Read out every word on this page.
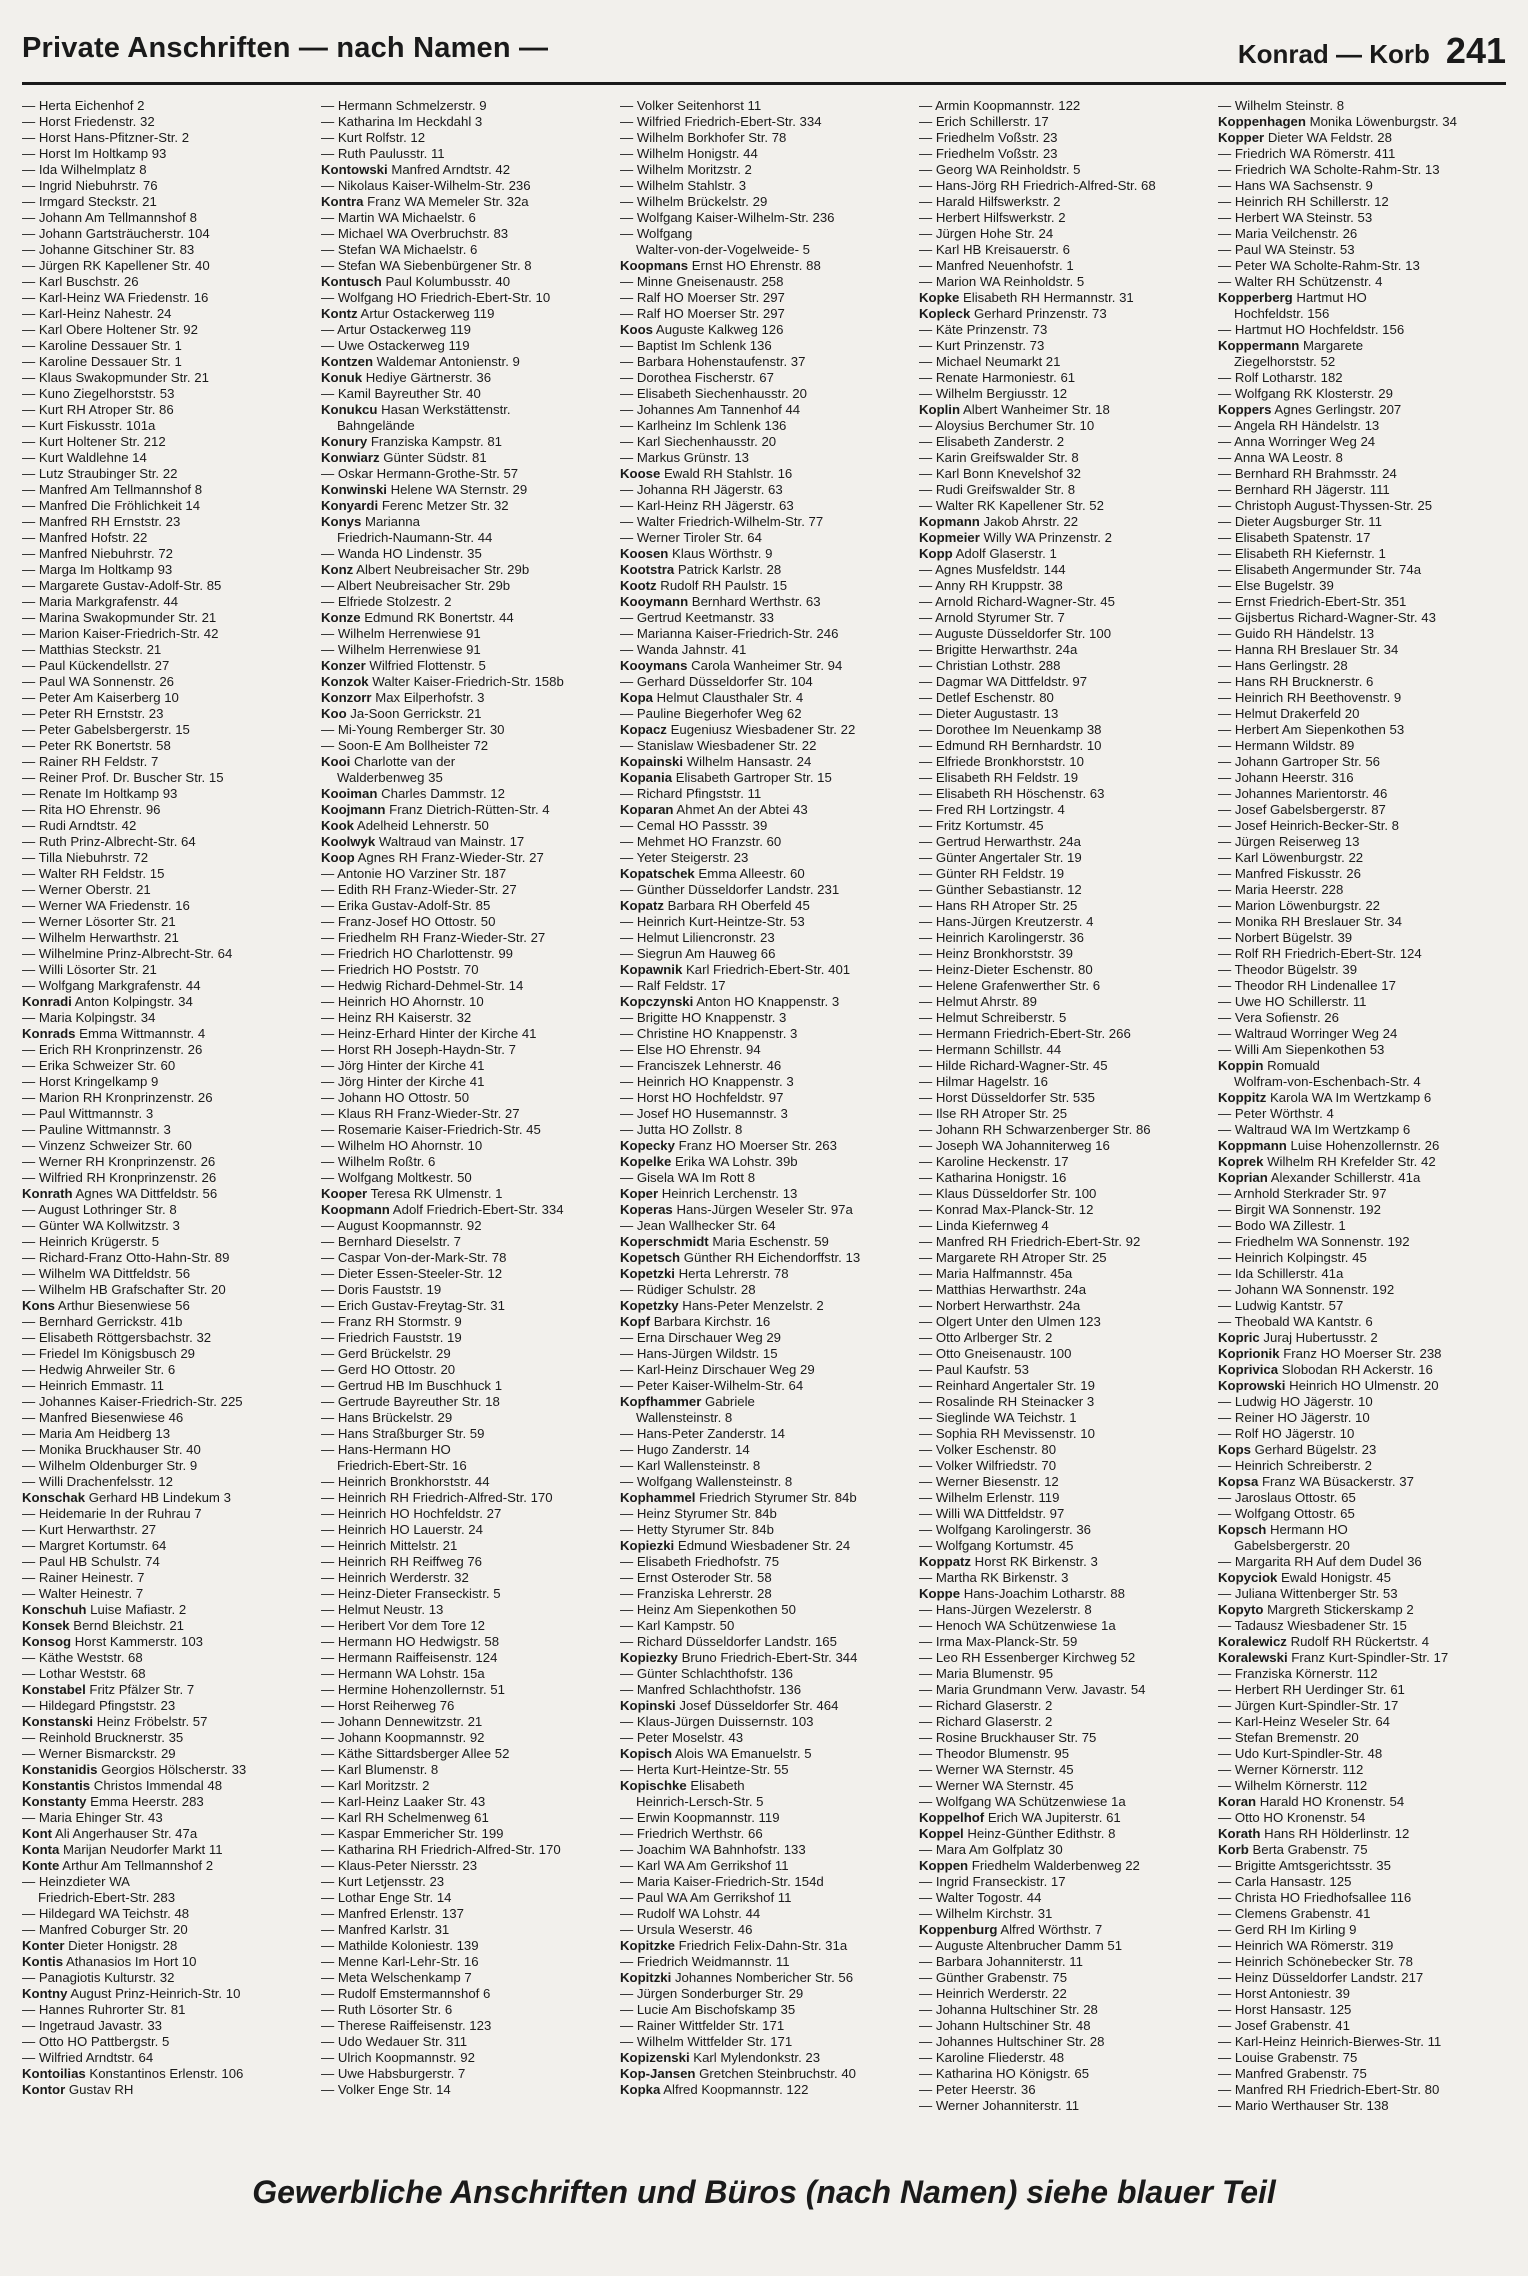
Private Anschriften — nach Namen —	Konrad — Korb 241
— Herta Eichenhof 2
— Horst Friedenstr. 32
— Horst Hans-Pfitzner-Str. 2
— Horst Im Holtkamp 93
— Ida Wilhelmplatz 8
— Ingrid Niebuhrstr. 76
— Irmgard Steckstr. 21
— Johann Am Tellmannshof 8
— Johann Gartsträucherstr. 104
— Johanne Gitschiner Str. 83
— Jürgen RK Kapellener Str. 40
— Karl Buschstr. 26
— Karl-Heinz WA Friedenstr. 16
— Karl-Heinz Nahestr. 24
— Karl Obere Holtener Str. 92
— Karoline Dessauer Str. 1
— Karoline Dessauer Str. 1
— Klaus Swakopmunder Str. 21
— Kuno Ziegelhorststr. 53
— Kurt RH Atroper Str. 86
— Kurt Fiskusstr. 101a
— Kurt Holtener Str. 212
— Kurt Waldlehne 14
— Lutz Straubinger Str. 22
— Manfred Am Tellmannshof 8
— Manfred Die Fröhlichkeit 14
— Manfred RH Ernststr. 23
— Manfred Hofstr. 22
— Manfred Niebuhrstr. 72
— Marga Im Holtkamp 93
— Margarete Gustav-Adolf-Str. 85
— Maria Markgrafenstr. 44
— Marina Swakopmunder Str. 21
— Marion Kaiser-Friedrich-Str. 42
— Matthias Steckstr. 21
— Paul Kückendellstr. 27
— Paul WA Sonnenstr. 26
— Peter Am Kaiserberg 10
— Peter RH Ernststr. 23
— Peter Gabelsbergerstr. 15
— Peter RK Bonertstr. 58
— Rainer RH Feldstr. 7
— Reiner Prof. Dr. Buscher Str. 15
— Renate Im Holtkamp 93
— Rita HO Ehrenstr. 96
— Rudi Arndtstr. 42
— Ruth Prinz-Albrecht-Str. 64
— Tilla Niebuhrstr. 72
— Walter RH Feldstr. 15
— Werner Oberstr. 21
— Werner WA Friedenstr. 16
— Werner Lösorter Str. 21
— Wilhelm Herwarthstr. 21
— Wilhelmine Prinz-Albrecht-Str. 64
— Willi Lösorter Str. 21
— Wolfgang Markgrafenstr. 44
Konradi Anton Kolpingstr. 34
— Maria Kolpingstr. 34
Konrads Emma Wittmannstr. 4
— Erich RH Kronprinzenstr. 26
— Erika Schweizer Str. 60
— Horst Kringelkamp 9
— Marion RH Kronprinzenstr. 26
— Paul Wittmannstr. 3
— Pauline Wittmannstr. 3
— Vinzenz Schweizer Str. 60
— Werner RH Kronprinzenstr. 26
— Wilfried RH Kronprinzenstr. 26
Konrath Agnes WA Dittfeldstr. 56
— August Lothringer Str. 8
— Günter WA Kollwitzstr. 3
— Heinrich Krügerstr. 5
— Richard-Franz Otto-Hahn-Str. 89
— Wilhelm WA Dittfeldstr. 56
— Wilhelm HB Grafschafter Str. 20
Kons Arthur Biesenwiese 56
— Bernhard Gerrickstr. 41b
— Elisabeth Röttgersbachstr. 32
— Friedel Im Königsbusch 29
— Hedwig Ahrweiler Str. 6
— Heinrich Emmastr. 11
— Johannes Kaiser-Friedrich-Str. 225
— Manfred Biesenwiese 46
— Maria Am Heidberg 13
— Monika Bruckhauser Str. 40
— Wilhelm Oldenburger Str. 9
— Willi Drachenfelsstr. 12
Konschak Gerhard HB Lindekum 3
— Heidemarie In der Ruhrau 7
— Kurt Herwarthstr. 27
— Margret Kortumstr. 64
— Paul HB Schulstr. 74
— Rainer Heinestr. 7
— Walter Heinestr. 7
Konschuh Luise Mafiastr. 2
Konsek Bernd Bleichstr. 21
Konsog Horst Kammerstr. 103
— Käthe Weststr. 68
— Lothar Weststr. 68
Konstabel Fritz Pfälzer Str. 7
— Hildegard Pfingststr. 23
Konstanski Heinz Fröbelstr. 57
— Reinhold Brucknerstr. 35
— Werner Bismarckstr. 29
Konstanidis Georgios Hölscherstr. 33
Konstantis Christos Immendal 48
Konstanty Emma Heerstr. 283
— Maria Ehinger Str. 43
Kont Ali Angerhauser Str. 47a
Konta Marijan Neudorfer Markt 11
Konte Arthur Am Tellmannshof 2
— Heinzdieter WA
Friedrich-Ebert-Str. 283
— Hildegard WA Teichstr. 48
— Manfred Coburger Str. 20
Konter Dieter Honigstr. 28
Kontis Athanasios Im Hort 10
— Panagiotis Kulturstr. 32
Kontny August Prinz-Heinrich-Str. 10
— Hannes Ruhrorter Str. 81
— Ingetraud Javastr. 33
— Otto HO Pattbergstr. 5
— Wilfried Arndtstr. 64
Kontoilias Konstantinos Erlenstr. 106
Kontor Gustav RH
— Hermann Schmelzerstr. 9
— Katharina Im Heckdahl 3
— Kurt Rolfstr. 12
— Ruth Paulusstr. 11
Kontowski Manfred Arndtstr. 42
— Nikolaus Kaiser-Wilhelm-Str. 236
Kontra Franz WA Memeler Str. 32a
— Martin WA Michaelstr. 6
— Michael WA Overbruchstr. 83
— Stefan WA Michaelstr. 6
— Stefan WA Siebenbürgener Str. 8
Kontusch Paul Kolumbusstr. 40
— Wolfgang HO Friedrich-Ebert-Str. 10
Kontz Artur Ostackerweg 119
— Artur Ostackerweg 119
— Uwe Ostackerweg 119
Kontzen Waldemar Antonienstr. 9
Konuk Hediye Gärtnerstr. 36
— Kamil Bayreuther Str. 40
Konukcu Hasan Werkstättenstr.
Bahngelände
Konury Franziska Kampstr. 81
Konwiarz Günter Südstr. 81
— Oskar Hermann-Grothe-Str. 57
Konwinski Helene WA Sternstr. 29
Konyardi Ferenc Metzer Str. 32
Konys Marianna
Friedrich-Naumann-Str. 44
— Wanda HO Lindenstr. 35
Konz Albert Neubreisacher Str. 29b
— Albert Neubreisacher Str. 29b
— Elfriede Stolzestr. 2
Konze Edmund RK Bonertstr. 44
— Wilhelm Herrenwiese 91
— Wilhelm Herrenwiese 91
Konzer Wilfried Flottenstr. 5
Konzok Walter Kaiser-Friedrich-Str. 158b
Konzorr Max Eilperhofstr. 3
Koo Ja-Soon Gerrickstr. 21
— Mi-Young Remberger Str. 30
— Soon-E Am Bollheister 72
Kooi Charlotte van der
Walderbenweg 35
Kooiman Charles Dammstr. 12
Koojmann Franz Dietrich-Rütten-Str. 4
Kook Adelheid Lehnerstr. 50
Koolwyk Waltraud van Mainstr. 17
Koop Agnes RH Franz-Wieder-Str. 27
— Antonie HO Varziner Str. 187
— Edith RH Franz-Wieder-Str. 27
— Erika Gustav-Adolf-Str. 85
— Franz-Josef HO Ottostr. 50
— Friedhelm RH Franz-Wieder-Str. 27
— Friedrich HO Charlottenstr. 99
— Friedrich HO Poststr. 70
— Hedwig Richard-Dehmel-Str. 14
— Heinrich HO Ahornstr. 10
— Heinz RH Kaiserstr. 32
— Heinz-Erhard Hinter der Kirche 41
— Horst RH Joseph-Haydn-Str. 7
— Jörg Hinter der Kirche 41
— Jörg Hinter der Kirche 41
— Johann HO Ottostr. 50
— Klaus RH Franz-Wieder-Str. 27
— Rosemarie Kaiser-Friedrich-Str. 45
— Wilhelm HO Ahornstr. 10
— Wilhelm Roßtr. 6
— Wolfgang Moltkestr. 50
Kooper Teresa RK Ulmenstr. 1
Koopmann Adolf Friedrich-Ebert-Str. 334
— August Koopmannstr. 92
— Bernhard Dieselstr. 7
— Caspar Von-der-Mark-Str. 78
— Dieter Essen-Steeler-Str. 12
— Doris Fauststr. 19
— Erich Gustav-Freytag-Str. 31
— Franz RH Stormstr. 9
— Friedrich Fauststr. 19
— Gerd Brückelstr. 29
— Gerd HO Ottostr. 20
— Gertrud HB Im Buschhuck 1
— Gertrude Bayreuther Str. 18
— Hans Brückelstr. 29
— Hans Straßburger Str. 59
— Hans-Hermann HO
Friedrich-Ebert-Str. 16
— Heinrich Bronkhorststr. 44
— Heinrich RH Friedrich-Alfred-Str. 170
— Heinrich HO Hochfeldstr. 27
— Heinrich HO Lauerstr. 24
— Heinrich Mittelstr. 21
— Heinrich RH Reiffweg 76
— Heinrich Werderstr. 32
— Heinz-Dieter Franseckistr. 5
— Helmut Neustr. 13
— Heribert Vor dem Tore 12
— Hermann HO Hedwigstr. 58
— Hermann Raiffeisenstr. 124
— Hermann WA Lohstr. 15a
— Hermine Hohenzollernstr. 51
— Horst Reiherweg 76
— Johann Dennewitzstr. 21
— Johann Koopmannstr. 92
— Käthe Sittardsberger Allee 52
— Karl Blumenstr. 8
— Karl Moritzstr. 2
— Karl-Heinz Laaker Str. 43
— Karl RH Schelmenweg 61
— Kaspar Emmericher Str. 199
— Katharina RH Friedrich-Alfred-Str. 170
— Klaus-Peter Niersstr. 23
— Kurt Letjensstr. 23
— Lothar Enge Str. 14
— Manfred Erlenstr. 137
— Manfred Karlstr. 31
— Mathilde Koloniestr. 139
— Menne Karl-Lehr-Str. 16
— Meta Welschenkamp 7
— Rudolf Emstermannshof 6
— Ruth Lösorter Str. 6
— Therese Raiffeisenstr. 123
— Udo Wedauer Str. 311
— Ulrich Koopmannstr. 92
— Uwe Habsburgerstr. 7
— Volker Enge Str. 14
— Volker Seitenhorst 11
— Wilfried Friedrich-Ebert-Str. 334
— Wilhelm Borkhofer Str. 78
— Wilhelm Honigstr. 44
— Wilhelm Moritzstr. 2
— Wilhelm Stahlstr. 3
— Wilhelm Brückelstr. 29
— Wolfgang Kaiser-Wilhelm-Str. 236
— Wolfgang
Walter-von-der-Vogelweide- 5
Koopmans Ernst HO Ehrenstr. 88
— Minne Gneisenaustr. 258
— Ralf HO Moerser Str. 297
— Ralf HO Moerser Str. 297
Koos Auguste Kalkweg 126
— Baptist Im Schlenk 136
— Barbara Hohenstaufenstr. 37
— Dorothea Fischerstr. 67
— Elisabeth Siechenhausstr. 20
— Johannes Am Tannenhof 44
— Karlheinz Im Schlenk 136
— Karl Siechenhausstr. 20
— Markus Grünstr. 13
Koose Ewald RH Stahlstr. 16
— Johanna RH Jägerstr. 63
— Karl-Heinz RH Jägerstr. 63
— Walter Friedrich-Wilhelm-Str. 77
— Werner Tiroler Str. 64
Koosen Klaus Wörthstr. 9
Kootstra Patrick Karlstr. 28
Kootz Rudolf RH Paulstr. 15
Kooymann Bernhard Werthstr. 63
— Gertrud Keetmanstr. 33
— Marianna Kaiser-Friedrich-Str. 246
— Wanda Jahnstr. 41
Kooymans Carola Wanheimer Str. 94
— Gerhard Düsseldorfer Str. 104
Kopa Helmut Clausthaler Str. 4
— Pauline Biegerhofer Weg 62
Kopacz Eugeniusz Wiesbadener Str. 22
— Stanislaw Wiesbadener Str. 22
Kopainski Wilhelm Hansastr. 24
Kopania Elisabeth Gartroper Str. 15
— Richard Pfingststr. 11
Koparan Ahmet An der Abtei 43
— Cemal HO Passstr. 39
— Mehmet HO Franzstr. 60
— Yeter Steigerstr. 23
Kopatschek Emma Alleestr. 60
— Günther Düsseldorfer Landstr. 231
Kopatz Barbara RH Oberfeld 45
— Heinrich Kurt-Heintze-Str. 53
— Helmut Liliencronstr. 23
— Siegrun Am Hauweg 66
Kopawnik Karl Friedrich-Ebert-Str. 401
— Ralf Feldstr. 17
Kopczynski Anton HO Knappenstr. 3
— Brigitte HO Knappenstr. 3
— Christine HO Knappenstr. 3
— Else HO Ehrenstr. 94
— Franciszek Lehnerstr. 46
— Heinrich HO Knappenstr. 3
— Horst HO Hochfeldstr. 97
— Josef HO Husemannstr. 3
— Jutta HO Zollstr. 8
Kopecky Franz HO Moerser Str. 263
Kopelke Erika WA Lohstr. 39b
— Gisela WA Im Rott 8
Koper Heinrich Lerchenstr. 13
Koperas Hans-Jürgen Weseler Str. 97a
— Jean Wallhecker Str. 64
Koperschmidt Maria Eschenstr. 59
Kopetsch Günther RH Eichendorffstr. 13
Kopetzki Herta Lehrerstr. 78
— Rüdiger Schulstr. 28
Kopetzky Hans-Peter Menzelstr. 2
Kopf Barbara Kirchstr. 16
— Erna Dirschauer Weg 29
— Hans-Jürgen Wildstr. 15
— Karl-Heinz Dirschauer Weg 29
— Peter Kaiser-Wilhelm-Str. 64
Kopfhammer Gabriele
Wallensteinstr. 8
— Hans-Peter Zanderstr. 14
— Hugo Zanderstr. 14
— Karl Wallensteinstr. 8
— Wolfgang Wallensteinstr. 8
Kophammel Friedrich Styrumer Str. 84b
— Heinz Styrumer Str. 84b
— Hetty Styrumer Str. 84b
Kopiezki Edmund Wiesbadener Str. 24
— Elisabeth Friedhofstr. 75
— Ernst Osteroder Str. 58
— Franziska Lehrerstr. 28
— Heinz Am Siepenkothen 50
— Karl Kampstr. 50
— Richard Düsseldorfer Landstr. 165
Kopiezky Bruno Friedrich-Ebert-Str. 344
— Günter Schlachthofstr. 136
— Manfred Schlachthofstr. 136
Kopinski Josef Düsseldorfer Str. 464
— Klaus-Jürgen Duissernstr. 103
— Peter Moselstr. 43
Kopisch Alois WA Emanuelstr. 5
— Herta Kurt-Heintze-Str. 55
Kopischke Elisabeth
Heinrich-Lersch-Str. 5
— Erwin Koopmannstr. 119
— Friedrich Werthstr. 66
— Joachim WA Bahnhofstr. 133
— Karl WA Am Gerrikshof 11
— Maria Kaiser-Friedrich-Str. 154d
— Paul WA Am Gerrikshof 11
— Rudolf WA Lohstr. 44
— Ursula Weserstr. 46
Kopitzke Friedrich Felix-Dahn-Str. 31a
— Friedrich Weidmannstr. 11
Kopitzki Johannes Nombericher Str. 56
— Jürgen Sonderburger Str. 29
— Lucie Am Bischofskamp 35
— Rainer Wittfelder Str. 171
— Wilhelm Wittfelder Str. 171
Kopizenski Karl Mylendonkstr. 23
Kop-Jansen Gretchen Steinbruchstr. 40
Kopka Alfred Koopmannstr. 122
— Armin Koopmannstr. 122
— Erich Schillerstr. 17
— Friedhelm Voßstr. 23
— Friedhelm Voßstr. 23
— Georg WA Reinholdstr. 5
— Hans-Jörg RH Friedrich-Alfred-Str. 68
— Harald Hilfswerkstr. 2
— Herbert Hilfswerkstr. 2
— Jürgen Hohe Str. 24
— Karl HB Kreisauerstr. 6
— Manfred Neuenhofstr. 1
— Marion WA Reinholdstr. 5
Kopke Elisabeth RH Hermannstr. 31
Kopleck Gerhard Prinzenstr. 73
— Käte Prinzenstr. 73
— Kurt Prinzenstr. 73
— Michael Neumarkt 21
— Renate Harmoniestr. 61
— Wilhelm Bergiusstr. 12
Koplin Albert Wanheimer Str. 18
— Aloysius Berchumer Str. 10
— Elisabeth Zanderstr. 2
— Karin Greifswalder Str. 8
— Karl Bonn Knevelshof 32
— Rudi Greifswalder Str. 8
— Walter RK Kapellener Str. 52
Kopmann Jakob Ahrstr. 22
Kopmeier Willy WA Prinzenstr. 2
Kopp Adolf Glaserstr. 1
— Agnes Musfeldstr. 144
— Anny RH Kruppstr. 38
— Arnold Richard-Wagner-Str. 45
— Arnold Styrumer Str. 7
— Auguste Düsseldorfer Str. 100
— Brigitte Herwarthstr. 24a
— Christian Lothstr. 288
— Dagmar WA Dittfeldstr. 97
— Detlef Eschenstr. 80
— Dieter Augustastr. 13
— Dorothee Im Neuenkamp 38
— Edmund RH Bernhardstr. 10
— Elfriede Bronkhorststr. 10
— Elisabeth RH Feldstr. 19
— Elisabeth RH Höschenstr. 63
— Fred RH Lortzingstr. 4
— Fritz Kortumstr. 45
— Gertrud Herwarthstr. 24a
— Günter Angertaler Str. 19
— Günter RH Feldstr. 19
— Günther Sebastianstr. 12
— Hans RH Atroper Str. 25
— Hans-Jürgen Kreutzerstr. 4
— Heinrich Karolingerstr. 36
— Heinz Bronkhorststr. 39
— Heinz-Dieter Eschenstr. 80
— Helene Grafenwerther Str. 6
— Helmut Ahrstr. 89
— Helmut Schreiberstr. 5
— Hermann Friedrich-Ebert-Str. 266
— Hermann Schillstr. 44
— Hilde Richard-Wagner-Str. 45
— Hilmar Hagelstr. 16
— Horst Düsseldorfer Str. 535
— Ilse RH Atroper Str. 25
— Johann RH Schwarzenberger Str. 86
— Joseph WA Johanniterweg 16
— Karoline Heckenstr. 17
— Katharina Honigstr. 16
— Klaus Düsseldorfer Str. 100
— Konrad Max-Planck-Str. 12
— Linda Kiefernweg 4
— Manfred RH Friedrich-Ebert-Str. 92
— Margarete RH Atroper Str. 25
— Maria Halfmannstr. 45a
— Matthias Herwarthstr. 24a
— Norbert Herwarthstr. 24a
— Olgert Unter den Ulmen 123
— Otto Arlberger Str. 2
— Otto Gneisenaustr. 100
— Paul Kaufstr. 53
— Reinhard Angertaler Str. 19
— Rosalinde RH Steinacker 3
— Sieglinde WA Teichstr. 1
— Sophia RH Mevissenstr. 10
— Volker Eschenstr. 80
— Volker Wilfriedstr. 70
— Werner Biesenstr. 12
— Wilhelm Erlenstr. 119
— Willi WA Dittfeldstr. 97
— Wolfgang Karolingerstr. 36
— Wolfgang Kortumstr. 45
Koppatz Horst RK Birkenstr. 3
— Martha RK Birkenstr. 3
Koppe Hans-Joachim Lotharstr. 88
— Hans-Jürgen Wezelerstr. 8
— Henoch WA Schützenwiese 1a
— Irma Max-Planck-Str. 59
— Leo RH Essenberger Kirchweg 52
— Maria Blumenstr. 95
— Maria Grundmann Verw. Javastr. 54
— Richard Glaserstr. 2
— Richard Glaserstr. 2
— Rosine Bruckhauser Str. 75
— Theodor Blumenstr. 95
— Werner WA Sternstr. 45
— Werner WA Sternstr. 45
— Wolfgang WA Schützenwiese 1a
Koppelhof Erich WA Jupiterstr. 61
Koppel Heinz-Günther Edithstr. 8
— Mara Am Golfplatz 30
Koppen Friedhelm Walderbenweg 22
— Ingrid Franseckistr. 17
— Walter Togostr. 44
— Wilhelm Kirchstr. 31
Koppenburg Alfred Wörthstr. 7
— Auguste Altenbrucher Damm 51
— Barbara Johanniterstr. 11
— Günther Grabenstr. 75
— Heinrich Werderstr. 22
— Johanna Hultschiner Str. 28
— Johann Hultschiner Str. 48
— Johannes Hultschiner Str. 28
— Karoline Fliederstr. 48
— Katharina HO Königstr. 65
— Peter Heerstr. 36
— Werner Johanniterstr. 11
— Wilhelm Steinstr. 8
Koppenhagen Monika Löwenburgstr. 34
Kopper Dieter WA Feldstr. 28
— Friedrich WA Römerstr. 411
— Friedrich WA Scholte-Rahm-Str. 13
— Hans WA Sachsenstr. 9
— Heinrich RH Schillerstr. 12
— Herbert WA Steinstr. 53
— Maria Veilchenstr. 26
— Paul WA Steinstr. 53
— Peter WA Scholte-Rahm-Str. 13
— Walter RH Schützenstr. 4
Kopperberg Hartmut HO
Hochfeldstr. 156
— Hartmut HO Hochfeldstr. 156
Koppermann Margarete
Ziegelhorststr. 52
— Rolf Lotharstr. 182
— Wolfgang RK Klosterstr. 29
Koppers Agnes Gerlingstr. 207
— Angela RH Händelstr. 13
— Anna Worringer Weg 24
— Anna WA Leostr. 8
— Bernhard RH Brahmsstr. 24
— Bernhard RH Jägerstr. 111
— Christoph August-Thyssen-Str. 25
— Dieter Augsburger Str. 11
— Elisabeth Spatenstr. 17
— Elisabeth RH Kiefernstr. 1
— Elisabeth Angermunder Str. 74a
— Else Bugelstr. 39
— Ernst Friedrich-Ebert-Str. 351
— Gijsbertus Richard-Wagner-Str. 43
— Guido RH Händelstr. 13
— Hanna RH Breslauer Str. 34
— Hans Gerlingstr. 28
— Hans RH Brucknerstr. 6
— Heinrich RH Beethovenstr. 9
— Helmut Drakerfeld 20
— Herbert Am Siepenkothen 53
— Hermann Wildstr. 89
— Johann Gartroper Str. 56
— Johann Heerstr. 316
— Johannes Marientorstr. 46
— Josef Gabelsbergerstr. 87
— Josef Heinrich-Becker-Str. 8
— Jürgen Reiserweg 13
— Karl Löwenburgstr. 22
— Manfred Fiskusstr. 26
— Maria Heerstr. 228
— Marion Löwenburgstr. 22
— Monika RH Breslauer Str. 34
— Norbert Bügelstr. 39
— Rolf RH Friedrich-Ebert-Str. 124
— Theodor Bügelstr. 39
— Theodor RH Lindenallee 17
— Uwe HO Schillerstr. 11
— Vera Sofienstr. 26
— Waltraud Worringer Weg 24
— Willi Am Siepenkothen 53
Koppin Romuald
Wolfram-von-Eschenbach-Str. 4
Koppitz Karola WA Im Wertzkamp 6
— Peter Wörthstr. 4
— Waltraud WA Im Wertzkamp 6
Koppmann Luise Hohenzollernstr. 26
Koprek Wilhelm RH Krefelder Str. 42
Koprian Alexander Schillerstr. 41a
— Arnhold Sterkrader Str. 97
— Birgit WA Sonnenstr. 192
— Bodo WA Zillestr. 1
— Friedhelm WA Sonnenstr. 192
— Heinrich Kolpingstr. 45
— Ida Schillerstr. 41a
— Johann WA Sonnenstr. 192
— Ludwig Kantstr. 57
— Theobald WA Kantstr. 6
Kopric Juraj Hubertusstr. 2
Koprionik Franz HO Moerser Str. 238
Koprivica Slobodan RH Ackerstr. 16
Koprowski Heinrich HO Ulmenstr. 20
— Ludwig HO Jägerstr. 10
— Reiner HO Jägerstr. 10
— Rolf HO Jägerstr. 10
Kops Gerhard Bügelstr. 23
— Heinrich Schreiberstr. 2
Kopsa Franz WA Büsackerstr. 37
— Jaroslaus Ottostr. 65
— Wolfgang Ottostr. 65
Kopsch Hermann HO
Gabelsbergerstr. 20
— Margarita RH Auf dem Dudel 36
Kopyciok Ewald Honigstr. 45
— Juliana Wittenberger Str. 53
Kopyto Margreth Stickerskamp 2
— Tadausz Wiesbadener Str. 15
Koralewicz Rudolf RH Rückertstr. 4
Koralewski Franz Kurt-Spindler-Str. 17
— Franziska Körnerstr. 112
— Herbert RH Uerdinger Str. 61
— Jürgen Kurt-Spindler-Str. 17
— Karl-Heinz Weseler Str. 64
— Stefan Bremenstr. 20
— Udo Kurt-Spindler-Str. 48
— Werner Körnerstr. 112
— Wilhelm Körnerstr. 112
Koran Harald HO Kronenstr. 54
— Otto HO Kronenstr. 54
Korath Hans RH Hölderlinstr. 12
Korb Berta Grabenstr. 75
— Brigitte Amtsgerichtsstr. 35
— Carla Hansastr. 125
— Christa HO Friedhofsallee 116
— Clemens Grabenstr. 41
— Gerd RH Im Kirling 9
— Heinrich WA Römerstr. 319
— Heinrich Schönebecker Str. 78
— Heinz Düsseldorfer Landstr. 217
— Horst Antoniestr. 39
— Horst Hansastr. 125
— Josef Grabenstr. 41
— Karl-Heinz Heinrich-Bierwes-Str. 11
— Louise Grabenstr. 75
— Manfred Grabenstr. 75
— Manfred RH Friedrich-Ebert-Str. 80
— Mario Werthauser Str. 138
Gewerbliche Anschriften und Büros (nach Namen) siehe blauer Teil
